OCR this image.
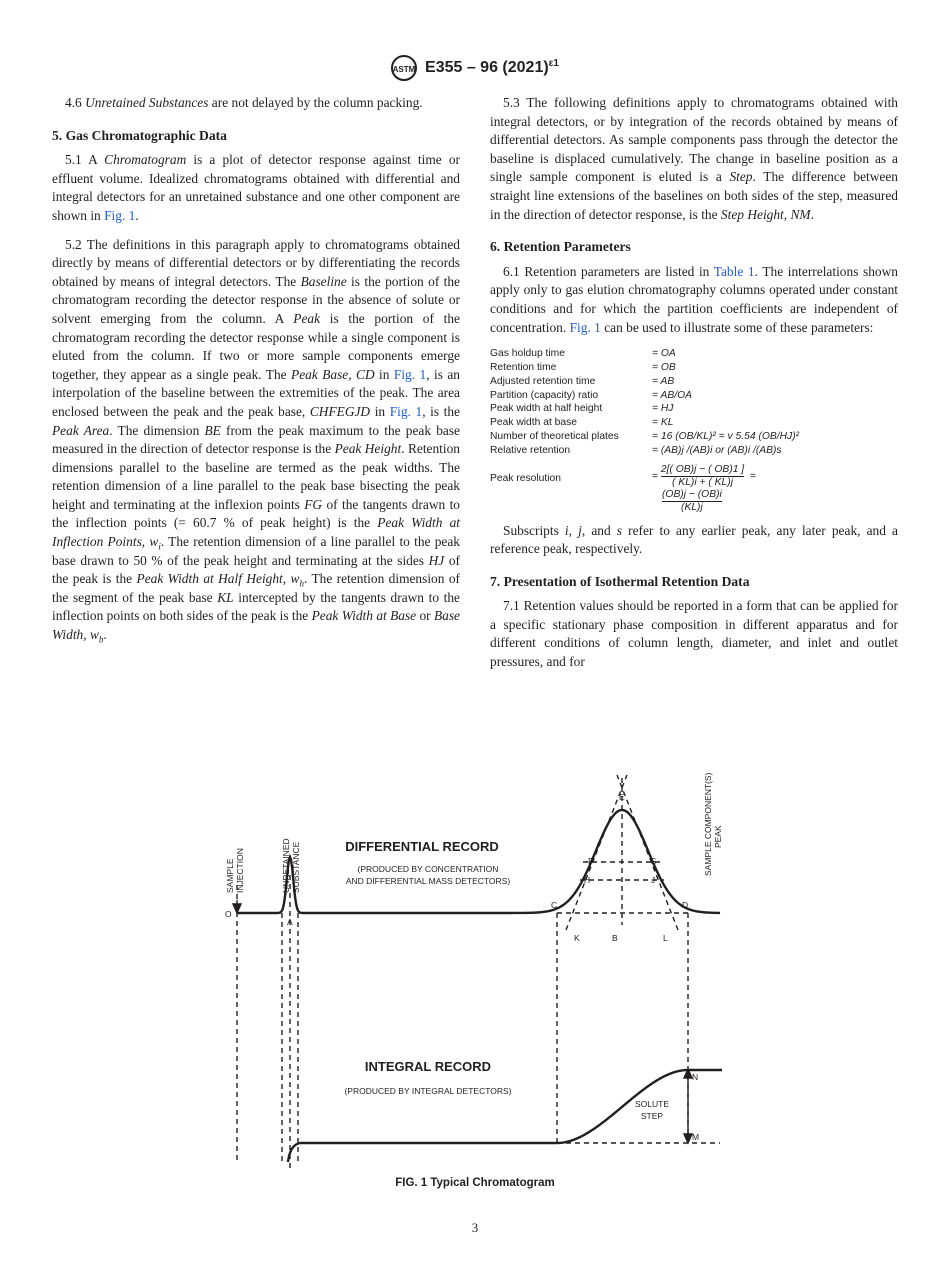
ASTM E355 – 96 $(2021)^{\varepsilon 1}$

4.6 Unretained Substances are not delayed by the column packing.

5. Gas Chromatographic Data

5.1 A Chromatogram is a plot of detector response against time or effluent volume. Idealized chromatograms obtained with differential and integral detectors for an unretained substance and one other component are shown in Fig. 1.

5.2 The definitions in this paragraph apply to chromatograms obtained directly by means of differential detectors or by differentiating the records obtained by means of integral detectors. The Baseline is the portion of the chromatogram recording the detector response in the absence of solute or solvent emerging from the column. A Peak is the portion of the chromatogram recording the detector response while a single component is eluted from the column. If two or more sample components emerge together, they appear as a single peak. The Peak Base, CD in Fig. 1, is an interpolation of the baseline between the extremities of the peak. The area enclosed between the peak and the peak base, CHFEGJD in Fig. 1, is the Peak Area. The dimension BE from the peak maximum to the peak base measured in the direction of detector response is the Peak Height. Retention dimensions parallel to the baseline are termed as the peak widths. The retention dimension of a line parallel to the peak base bisecting the peak height and terminating at the inflexion points FG of the tangents drawn to the inflection points (= 60.7 % of peak height) is the Peak Width at Inflection Points, $w_i$. The retention dimension of a line parallel to the peak base drawn to 50 % of the peak height and terminating at the sides HJ of the peak is the Peak Width at Half Height, $w_h$. The retention dimension of the segment of the peak base KL intercepted by the tangents drawn to the inflection points on both sides of the peak is the Peak Width at Base or Base Width, $w_b$.

5.3 The following definitions apply to chromatograms obtained with integral detectors, or by integration of the records obtained by means of differential detectors. As sample components pass through the detector the baseline is displaced cumulatively. The change in baseline position as a single sample component is eluted is a Step. The difference between straight line extensions of the baselines on both sides of the step, measured in the direction of detector response, is the Step Height, NM.

6. Retention Parameters

6.1 Retention parameters are listed in Table 1. The interrelations shown apply only to gas elution chromatography columns operated under constant conditions and for which the partition coefficients are independent of concentration. Fig. 1 can be used to illustrate some of these parameters:

Gas holdup time	= OA
Retention time	= OB
Adjusted retention time	= AB
Partition (capacity) ratio	= AB/OA
Peak width at half height	= HJ
Peak width at base	= KL
Number of theoretical plates	= 16 (OB/KL)² = v 5.54 (OB/HJ)²
Relative retention	= (AB)j /(AB)i or (AB)i /(AB)s
Peak resolution	= $\frac{2[( OB)j - ( OB)1 ]}{( KL)i + ( KL)j}$ =

$\frac{(OB)j - (OB)i}{(KL)j}$

Subscripts i, j, and s refer to any earlier peak, any later peak, and a reference peak, respectively.

7. Presentation of Isothermal Retention Data

7.1 Retention values should be reported in a form that can be applied for a specific stationary phase composition in different apparatus and for different conditions of column length, diameter, and inlet and outlet pressures, and for

DIFFERENTIAL RECORD
(PRODUCED BY CONCENTRATION
AND DIFFERENTIAL MASS DETECTORS)
INTEGRAL RECORD
(PRODUCED BY INTEGRAL DETECTORS)
SAMPLE INJECTION	UNRETAINED SUBSTANCE	SAMPLE COMPONENT(S) PEAK
O
A
B
C	D
E
F	G
H	J
K	L
N
M
SOLUTE
STEP
FIG. 1 Typical Chromatogram
3
